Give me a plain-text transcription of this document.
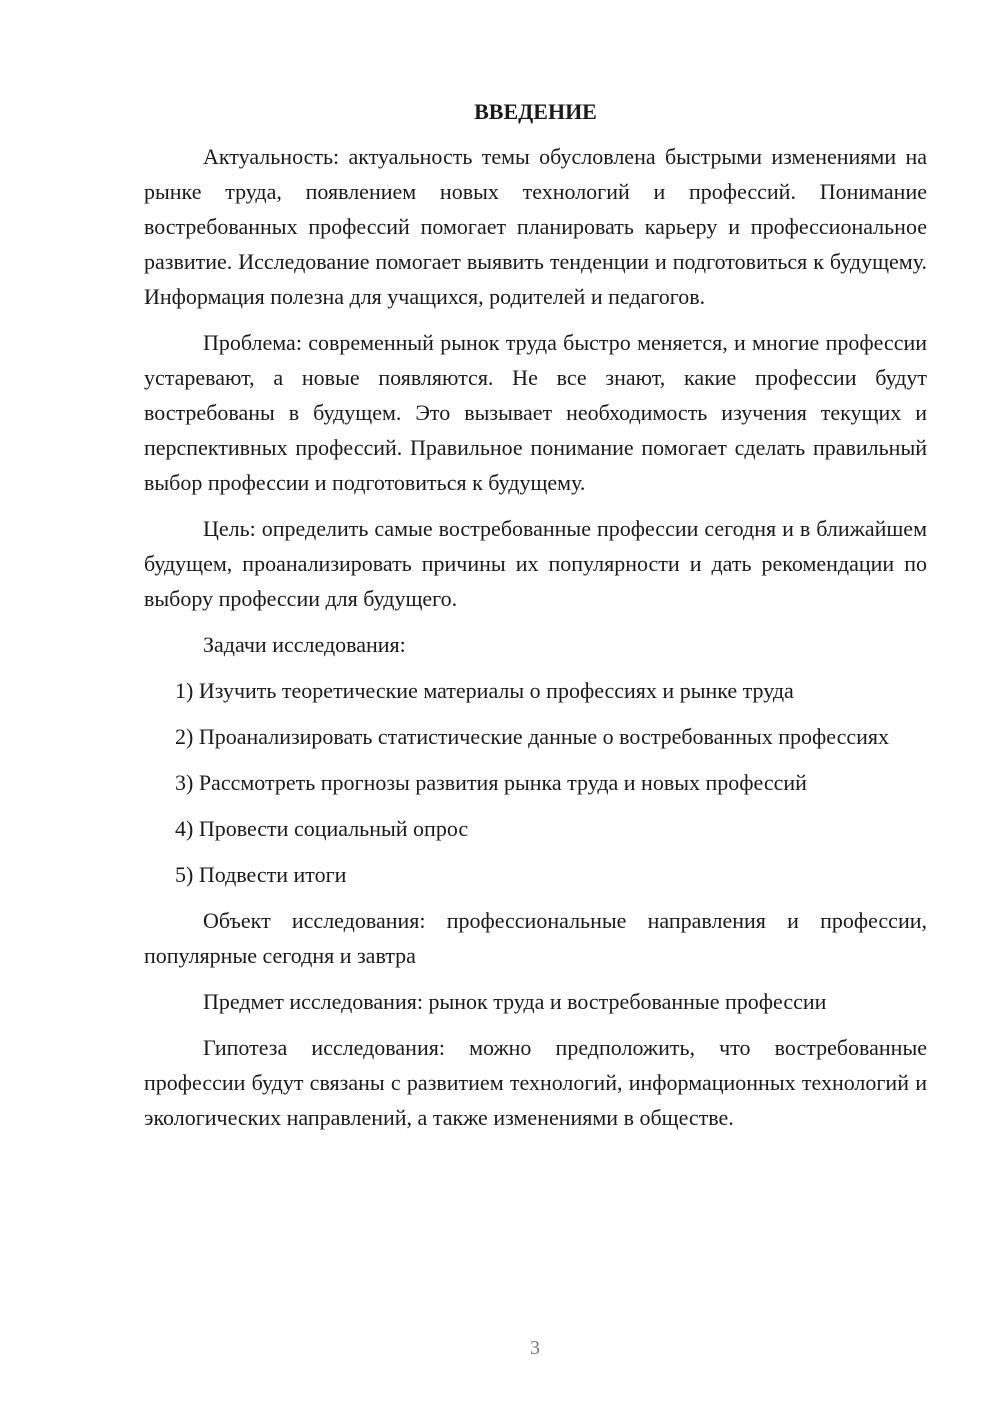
ВВЕДЕНИЕ

Актуальность: актуальность темы обусловлена быстрыми изменениями на рынке труда, появлением новых технологий и профессий. Понимание востребованных профессий помогает планировать карьеру и профессиональное развитие. Исследование помогает выявить тенденции и подготовиться к будущему. Информация полезна для учащихся, родителей и педагогов.

Проблема: современный рынок труда быстро меняется, и многие профессии устаревают, а новые появляются. Не все знают, какие профессии будут востребованы в будущем. Это вызывает необходимость изучения текущих и перспективных профессий. Правильное понимание помогает сделать правильный выбор профессии и подготовиться к будущему.

Цель: определить самые востребованные профессии сегодня и в ближайшем будущем, проанализировать причины их популярности и дать рекомендации по выбору профессии для будущего.

Задачи исследования:

1) Изучить теоретические материалы о профессиях и рынке труда

2) Проанализировать статистические данные о востребованных профессиях

3) Рассмотреть прогнозы развития рынка труда и новых профессий

4) Провести социальный опрос

5) Подвести итоги

Объект исследования: профессиональные направления и профессии, популярные сегодня и завтра

Предмет исследования: рынок труда и востребованные профессии

Гипотеза исследования: можно предположить, что востребованные профессии будут связаны с развитием технологий, информационных технологий и экологических направлений, а также изменениями в обществе.

3
